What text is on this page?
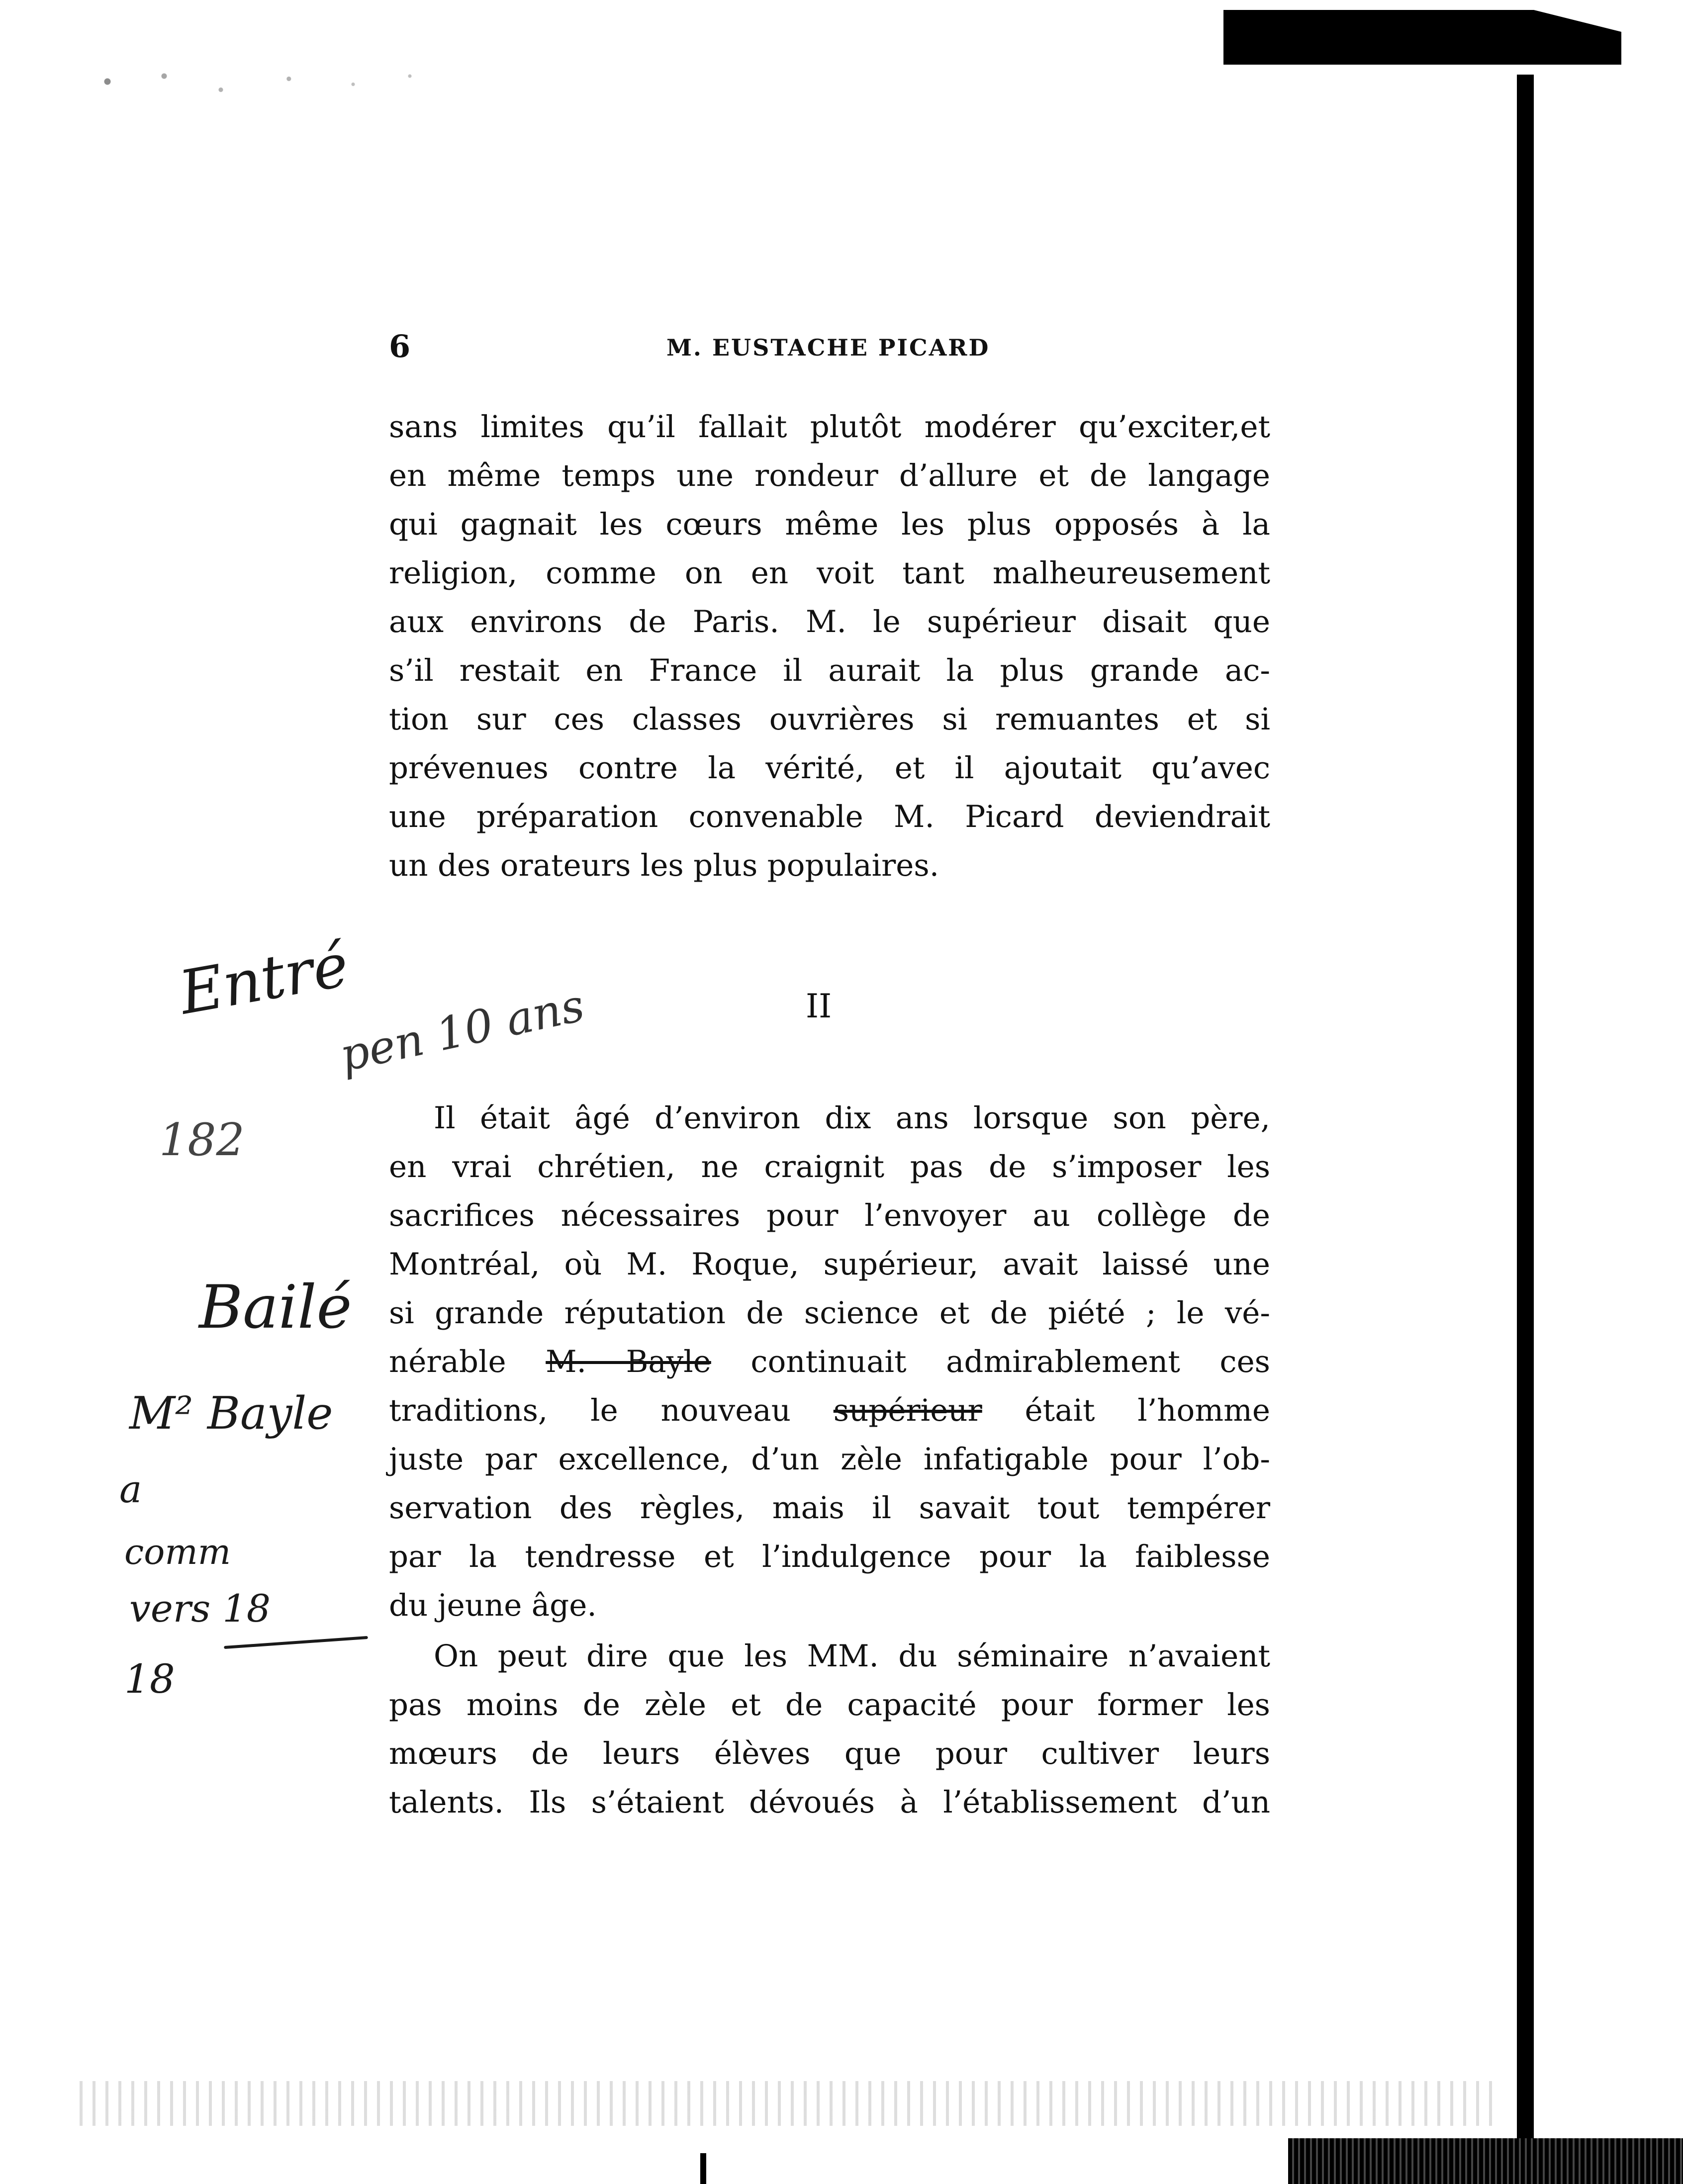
6	M. EUSTACHE PICARD

sans limites qu’il fallait plutôt modérer qu’exciter,et
en même temps une rondeur d’allure et de langage
qui gagnait les cœurs même les plus opposés à la
religion, comme on en voit tant malheureusement
aux environs de Paris. M. le supérieur disait que
s’il restait en France il aurait la plus grande ac-
tion sur ces classes ouvrières si remuantes et si
prévenues contre la vérité, et il ajoutait qu’avec
une préparation convenable M. Picard deviendrait
un des orateurs les plus populaires.

II

Il était âgé d’environ dix ans lorsque son père,
en vrai chrétien, ne craignit pas de s’imposer les
sacrifices nécessaires pour l’envoyer au collège de
Montréal, où M. Roque, supérieur, avait laissé une
si grande réputation de science et de piété ; le vé-
nérable M. Bayle continuait admirablement ces
traditions, le nouveau supérieur était l’homme
juste par excellence, d’un zèle infatigable pour l’ob-
servation des règles, mais il savait tout tempérer
par la tendresse et l’indulgence pour la faiblesse
du jeune âge.

On peut dire que les MM. du séminaire n’avaient
pas moins de zèle et de capacité pour former les
mœurs de leurs élèves que pour cultiver leurs
talents. Ils s’étaient dévoués à l’établissement d’un

Entré
pen 10 ans
182
Bailé
M² Bayle
a
comm
vers 18
18
